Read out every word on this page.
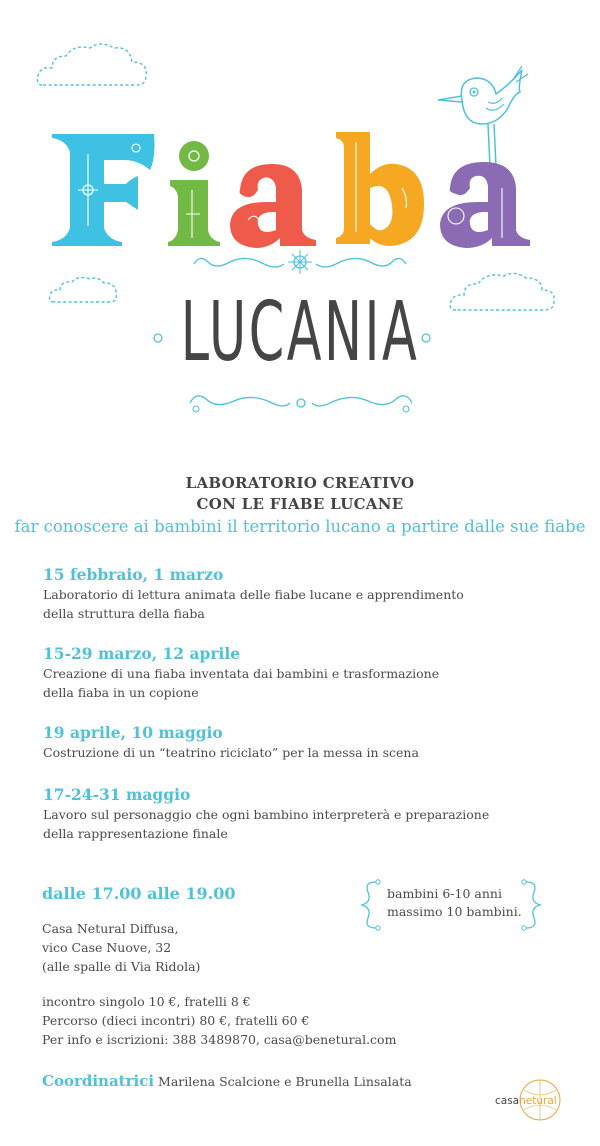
LUCANIA
LABORATORIO CREATIVO
CON LE FIABE LUCANE
far conoscere ai bambini il territorio lucano a partire dalle sue fiabe
15 febbraio, 1 marzo
Laboratorio di lettura animata delle fiabe lucane e apprendimento
della struttura della fiaba
15-29 marzo, 12 aprile
Creazione di una fiaba inventata dai bambini e trasformazione
della fiaba in un copione
19 aprile, 10 maggio
Costruzione di un “teatrino riciclato” per la messa in scena
17-24-31 maggio
Lavoro sul personaggio che ogni bambino interpreterà e preparazione
della rappresentazione finale
dalle 17.00 alle 19.00	bambini 6-10 anni
massimo 10 bambini.
Casa Netural Diffusa,
vico Case Nuove, 32
(alle spalle di Via Ridola)
incontro singolo 10 €, fratelli 8 €
Percorso (dieci incontri) 80 €, fratelli 60 €
Per info e iscrizioni: 388 3489870, casa@benetural.com
Coordinatrici Marilena Scalcione e Brunella Linsalata
casanetural
